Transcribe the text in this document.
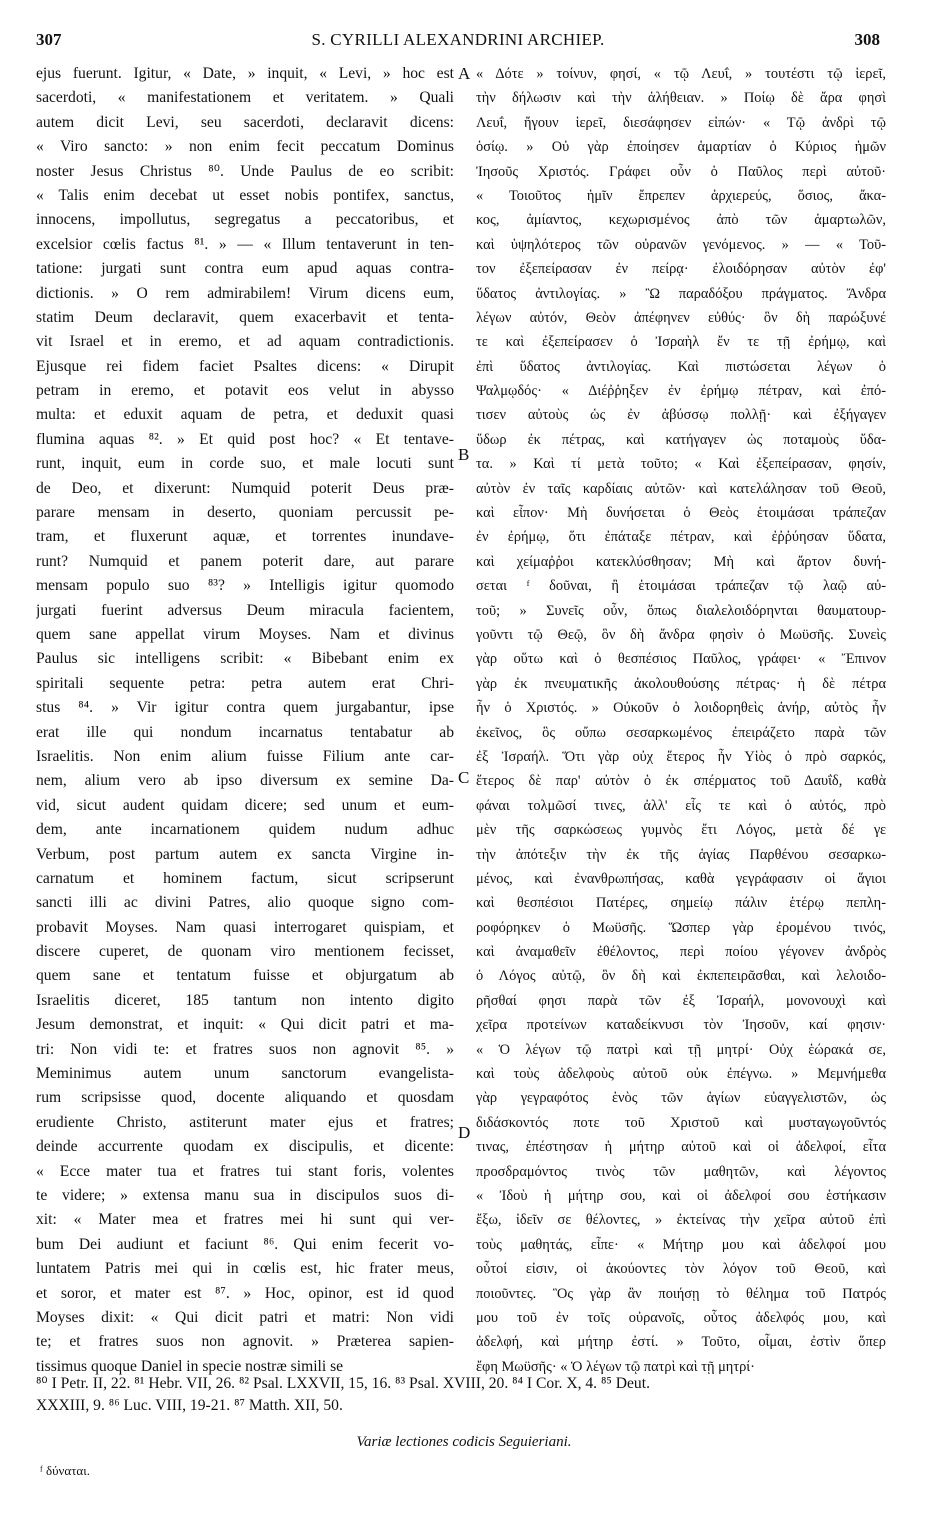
307	S. CYRILLI ALEXANDRINI ARCHIEP.	308
ejus fuerunt. Igitur, « Date, » inquit, « Levi, » hoc est
sacerdoti, « manifestationem et veritatem. » Quali
autem dicit Levi, seu sacerdoti, declaravit dicens:
« Viro sancto: » non enim fecit peccatum Dominus
noster Jesus Christus ⁸⁰. Unde Paulus de eo scribit:
« Talis enim decebat ut esset nobis pontifex, sanctus,
innocens, impollutus, segregatus a peccatoribus, et
excelsior cœlis factus ⁸¹. » — « Illum tentaverunt in ten-
tatione: jurgati sunt contra eum apud aquas contra-
dictionis. » O rem admirabilem! Virum dicens eum,
statim Deum declaravit, quem exacerbavit et tenta-
vit Israel et in eremo, et ad aquam contradictionis.
Ejusque rei fidem faciet Psaltes dicens: « Dirupit
petram in eremo, et potavit eos velut in abysso
multa: et eduxit aquam de petra, et deduxit quasi
flumina aquas ⁸². » Et quid post hoc? « Et tentave-
runt, inquit, eum in corde suo, et male locuti sunt
de Deo, et dixerunt: Numquid poterit Deus præ-
parare mensam in deserto, quoniam percussit pe-
tram, et fluxerunt aquæ, et torrentes inundave-
runt? Numquid et panem poterit dare, aut parare
mensam populo suo ⁸³? » Intelligis igitur quomodo
jurgati fuerint adversus Deum miracula facientem,
quem sane appellat virum Moyses. Nam et divinus
Paulus sic intelligens scribit: « Bibebant enim ex
spiritali sequente petra: petra autem erat Chri-
stus ⁸⁴. » Vir igitur contra quem jurgabantur, ipse
erat ille qui nondum incarnatus tentabatur ab
Israelitis. Non enim alium fuisse Filium ante car-
nem, alium vero ab ipso diversum ex semine Da-
vid, sicut audent quidam dicere; sed unum et eum-
dem, ante incarnationem quidem nudum adhuc
Verbum, post partum autem ex sancta Virgine in-
carnatum et hominem factum, sicut scripserunt
sancti illi ac divini Patres, alio quoque signo com-
probavit Moyses. Nam quasi interrogaret quispiam, et
discere cuperet, de quonam viro mentionem fecisset,
quem sane et tentatum fuisse et objurgatum ab
Israelitis diceret, 185 tantum non intento digito
Jesum demonstrat, et inquit: « Qui dicit patri et ma-
tri: Non vidi te: et fratres suos non agnovit ⁸⁵. »
Meminimus autem unum sanctorum evangelista-
rum scripsisse quod, docente aliquando et quosdam
erudiente Christo, astiterunt mater ejus et fratres;
deinde accurrente quodam ex discipulis, et dicente:
« Ecce mater tua et fratres tui stant foris, volentes
te videre; » extensa manu sua in discipulos suos di-
xit: « Mater mea et fratres mei hi sunt qui ver-
bum Dei audiunt et faciunt ⁸⁶. Qui enim fecerit vo-
luntatem Patris mei qui in cœlis est, hic frater meus,
et soror, et mater est ⁸⁷. » Hoc, opinor, est id quod
Moyses dixit: « Qui dicit patri et matri: Non vidi
te; et fratres suos non agnovit. » Præterea sapien-
tissimus quoque Daniel in specie nostræ simili se
« Δότε » τοίνυν, φησί, « τῷ Λευΐ, » τουτέστι τῷ ἱερεῖ,
τὴν δήλωσιν καὶ τὴν ἀλήθειαν. » Ποίῳ δὲ ἄρα φησὶ
Λευΐ, ἤγουν ἱερεῖ, διεσάφησεν εἰπών· « Τῷ ἀνδρὶ τῷ
ὁσίῳ. » Οὐ γὰρ ἐποίησεν ἁμαρτίαν ὁ Κύριος ἡμῶν
Ἰησοῦς Χριστός. Γράφει οὖν ὁ Παῦλος περὶ αὐτοῦ·
« Τοιοῦτος ἡμῖν ἔπρεπεν ἀρχιερεύς, ὅσιος, ἄκα-
κος, ἀμίαντος, κεχωρισμένος ἀπὸ τῶν ἁμαρτωλῶν,
καὶ ὑψηλότερος τῶν οὐρανῶν γενόμενος. » — « Τοῦ-
τον ἐξεπείρασαν ἐν πείρᾳ· ἐλοιδόρησαν αὐτὸν ἐφ'
ὕδατος ἀντιλογίας. » Ὢ παραδόξου πράγματος. Ἄνδρα
λέγων αὐτόν, Θεὸν ἀπέφηνεν εὐθύς· ὃν δὴ παρώξυνέ
τε καὶ ἐξεπείρασεν ὁ Ἰσραὴλ ἔν τε τῇ ἐρήμῳ, καὶ
ἐπὶ ὕδατος ἀντιλογίας. Καὶ πιστώσεται λέγων ὁ
Ψαλμῳδός· « Διέῤῥηξεν ἐν ἐρήμῳ πέτραν, καὶ ἐπό-
τισεν αὐτοὺς ὡς ἐν ἀβύσσῳ πολλῇ· καὶ ἐξήγαγεν
ὕδωρ ἐκ πέτρας, καὶ κατήγαγεν ὡς ποταμοὺς ὕδα-
τα. » Καὶ τί μετὰ τοῦτο; « Καὶ ἐξεπείρασαν, φησίν,
αὐτὸν ἐν ταῖς καρδίαις αὐτῶν· καὶ κατελάλησαν τοῦ Θεοῦ,
καὶ εἶπον· Μὴ δυνήσεται ὁ Θεὸς ἑτοιμάσαι τράπεζαν
ἐν ἐρήμῳ, ὅτι ἐπάταξε πέτραν, καὶ ἐῤῥύησαν ὕδατα,
καὶ χείμαῤῥοι κατεκλύσθησαν; Μὴ καὶ ἄρτον δυνή-
σεται ᶠ δοῦναι, ἢ ἑτοιμάσαι τράπεζαν τῷ λαῷ αὐ-
τοῦ; » Συνεῖς οὖν, ὅπως διαλελοιδόρηνται θαυματουρ-
γοῦντι τῷ Θεῷ, ὃν δὴ ἄνδρα φησὶν ὁ Μωϋσῆς. Συνεὶς
γὰρ οὕτω καὶ ὁ θεσπέσιος Παῦλος, γράφει· « Ἔπινον
γὰρ ἐκ πνευματικῆς ἀκολουθούσης πέτρας· ἡ δὲ πέτρα
ἦν ὁ Χριστός. » Οὐκοῦν ὁ λοιδορηθεὶς ἀνήρ, αὐτὸς ἦν
ἐκεῖνος, ὃς οὔπω σεσαρκωμένος ἐπειράζετο παρὰ τῶν
ἐξ Ἰσραήλ. Ὅτι γὰρ οὐχ ἕτερος ἦν Υἱὸς ὁ πρὸ σαρκός,
ἕτερος δὲ παρ' αὐτὸν ὁ ἐκ σπέρματος τοῦ Δαυΐδ, καθὰ
φάναι τολμῶσί τινες, ἀλλ' εἷς τε καὶ ὁ αὐτός, πρὸ
μὲν τῆς σαρκώσεως γυμνὸς ἔτι Λόγος, μετὰ δέ γε
τὴν ἀπότεξιν τὴν ἐκ τῆς ἁγίας Παρθένου σεσαρκω-
μένος, καὶ ἐνανθρωπήσας, καθὰ γεγράφασιν οἱ ἅγιοι
καὶ θεσπέσιοι Πατέρες, σημείῳ πάλιν ἑτέρῳ πεπλη-
ροφόρηκεν ὁ Μωϋσῆς. Ὥσπερ γὰρ ἐρομένου τινός,
καὶ ἀναμαθεῖν ἐθέλοντος, περὶ ποίου γέγονεν ἀνδρὸς
ὁ Λόγος αὐτῷ, ὃν δὴ καὶ ἐκπεπειρᾶσθαι, καὶ λελοιδο-
ρῆσθαί φησι παρὰ τῶν ἐξ Ἰσραήλ, μονονουχὶ καὶ
χεῖρα προτείνων καταδείκνυσι τὸν Ἰησοῦν, καί φησιν·
« Ὁ λέγων τῷ πατρὶ καὶ τῇ μητρί· Οὐχ ἑώρακά σε,
καὶ τοὺς ἀδελφοὺς αὐτοῦ οὐκ ἐπέγνω. » Μεμνήμεθα
γὰρ γεγραφότος ἑνὸς τῶν ἁγίων εὐαγγελιστῶν, ὡς
διδάσκοντός ποτε τοῦ Χριστοῦ καὶ μυσταγωγοῦντός
τινας, ἐπέστησαν ἡ μήτηρ αὐτοῦ καὶ οἱ ἀδελφοί, εἶτα
προσδραμόντος τινὸς τῶν μαθητῶν, καὶ λέγοντος
« Ἰδοὺ ἡ μήτηρ σου, καὶ οἱ ἀδελφοί σου ἑστήκασιν
ἔξω, ἰδεῖν σε θέλοντες, » ἐκτείνας τὴν χεῖρα αὐτοῦ ἐπὶ
τοὺς μαθητάς, εἶπε· « Μήτηρ μου καὶ ἀδελφοί μου
οὗτοί εἰσιν, οἱ ἀκούοντες τὸν λόγον τοῦ Θεοῦ, καὶ
ποιοῦντες. Ὃς γὰρ ἂν ποιήσῃ τὸ θέλημα τοῦ Πατρός
μου τοῦ ἐν τοῖς οὐρανοῖς, οὗτος ἀδελφός μου, καὶ
ἀδελφή, καὶ μήτηρ ἐστί. » Τοῦτο, οἶμαι, ἐστὶν ὅπερ
ἔφη Μωϋσῆς· « Ὁ λέγων τῷ πατρὶ καὶ τῇ μητρί·
A
B
C
D
⁸⁰ I Petr. II, 22. ⁸¹ Hebr. VII, 26. ⁸² Psal. LXXVII, 15, 16. ⁸³ Psal. XVIII, 20. ⁸⁴ I Cor. X, 4. ⁸⁵ Deut.
XXXIII, 9. ⁸⁶ Luc. VIII, 19-21. ⁸⁷ Matth. XII, 50.
Variæ lectiones codicis Seguieriani.
ᶠ δύναται.
